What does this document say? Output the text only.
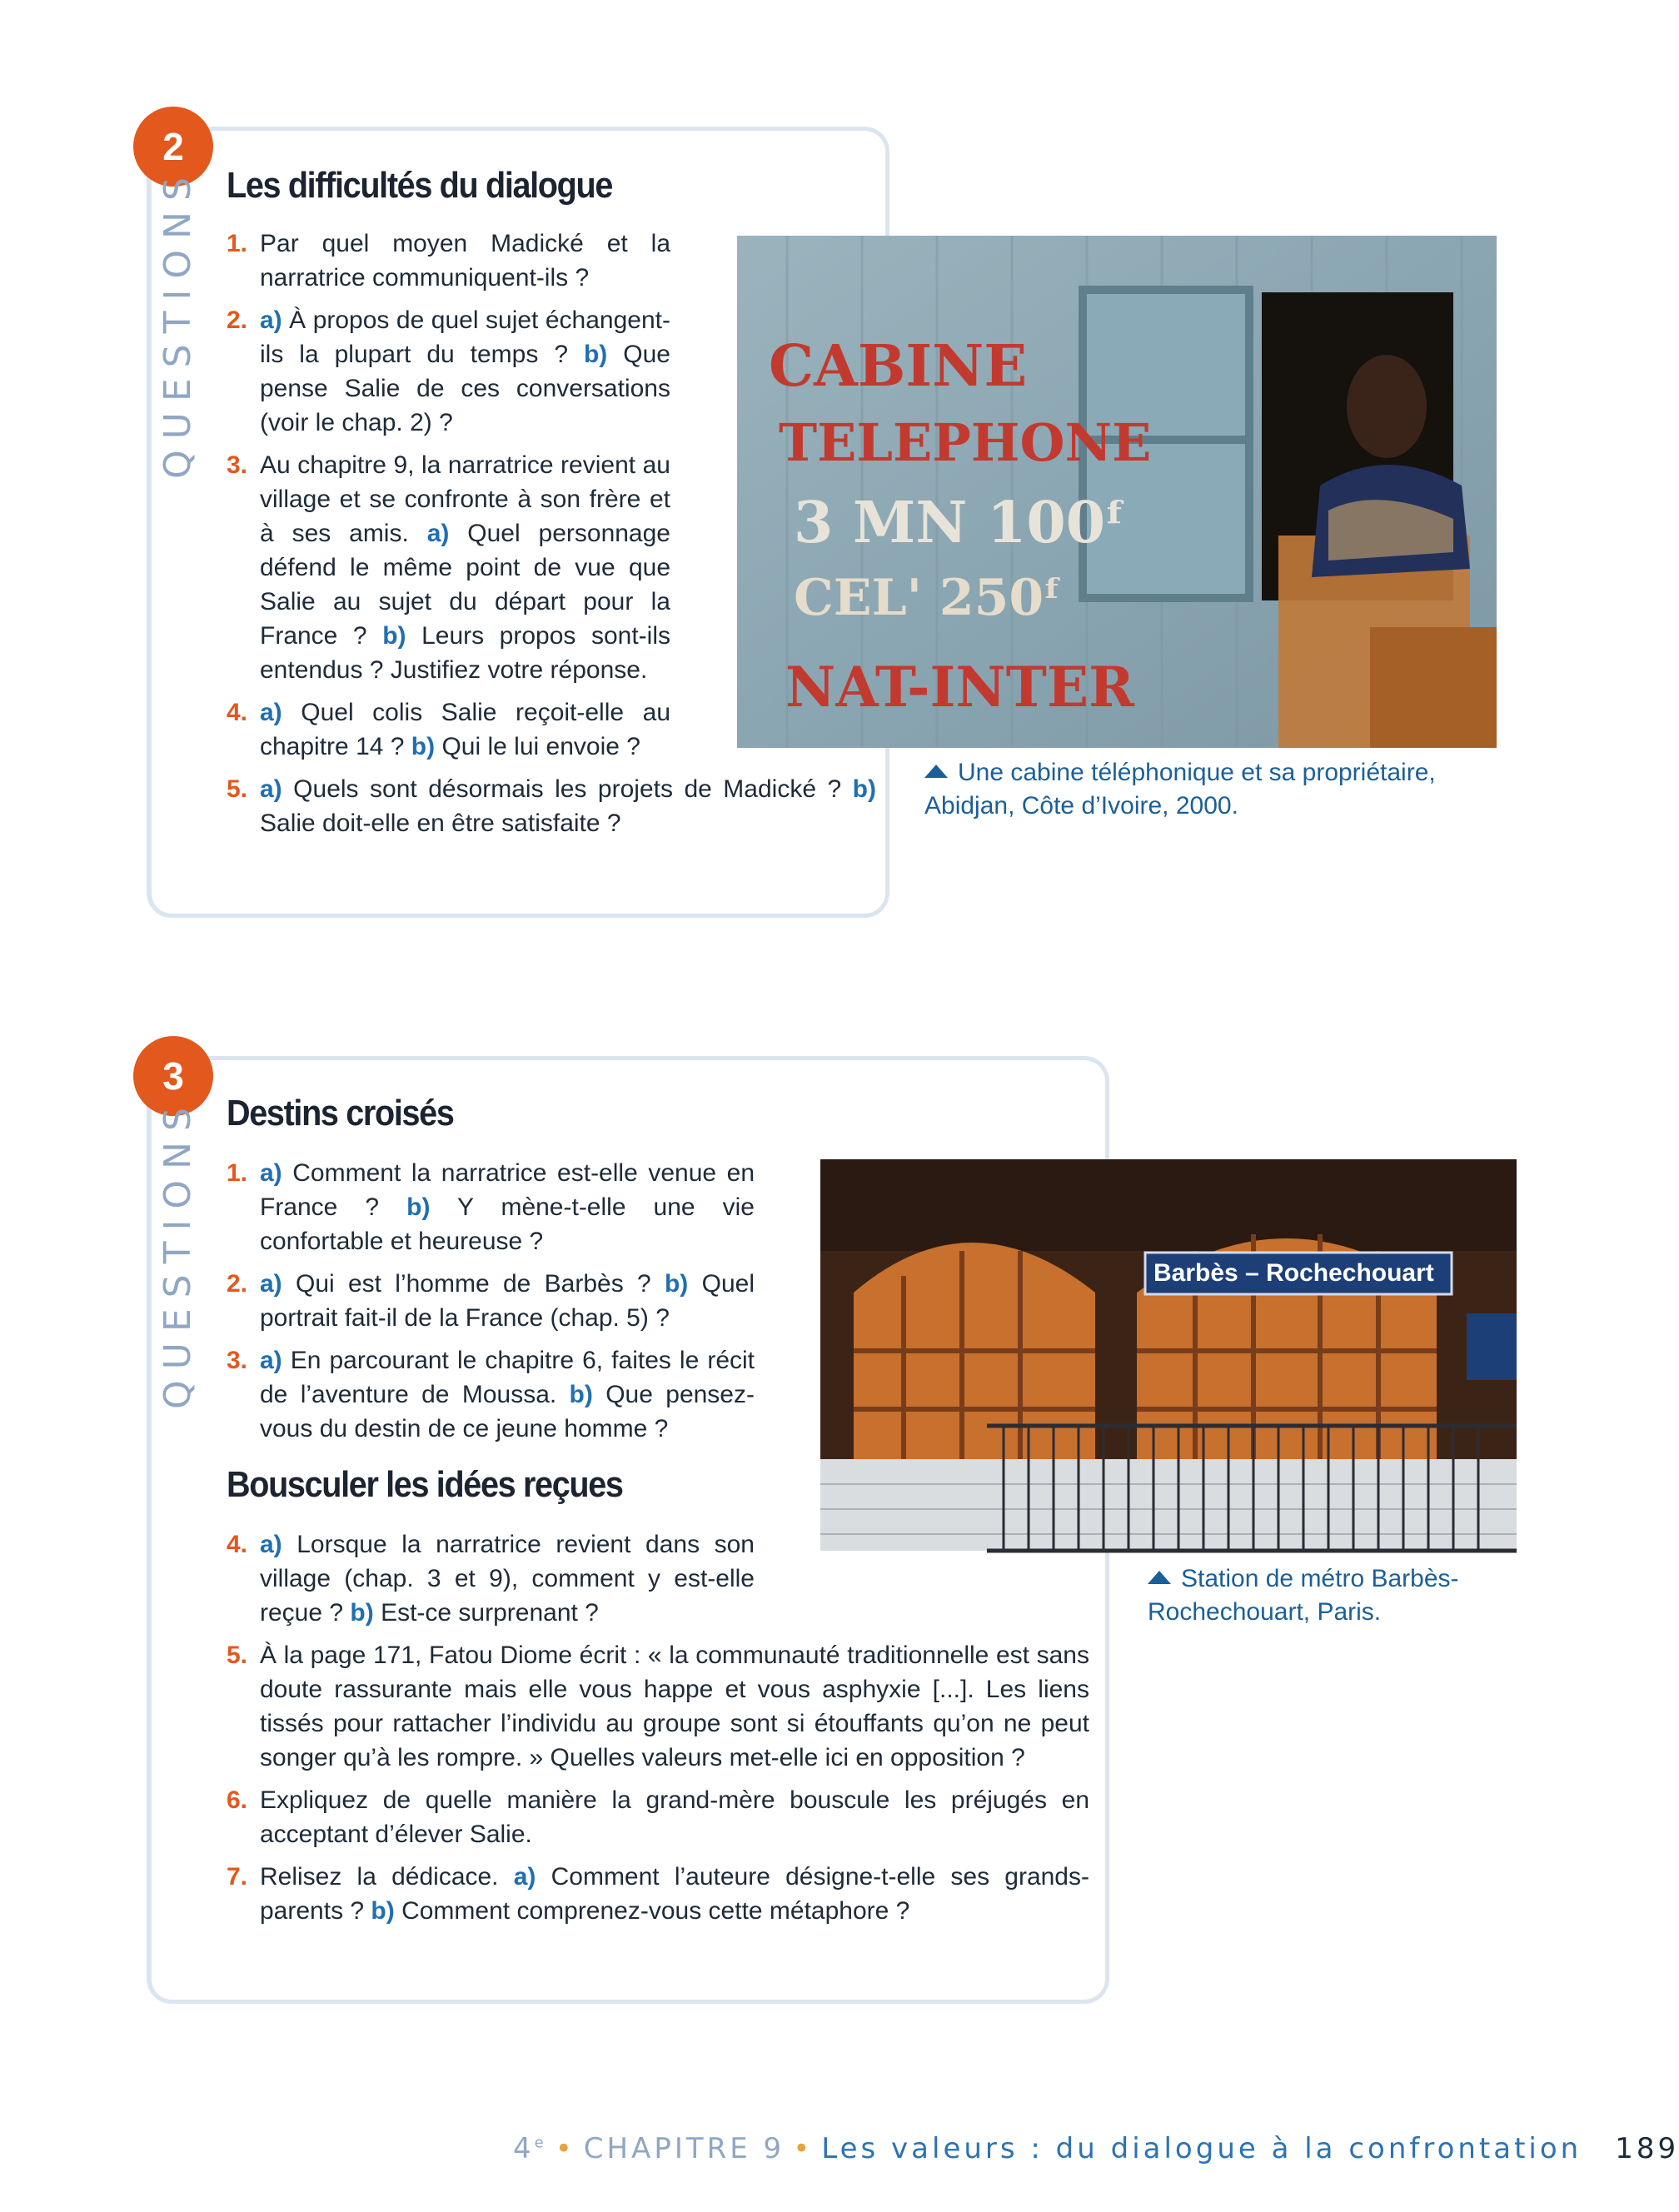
2
QUESTIONS Les difficultés du dialogue
1. Par quel moyen Madické et la narratrice communiquent-ils ?
2. a) À propos de quel sujet échangent-ils la plupart du temps ? b) Que pense Salie de ces conversations (voir le chap. 2) ?
3. Au chapitre 9, la narratrice revient au village et se confronte à son frère et à ses amis. a) Quel personnage défend le même point de vue que Salie au sujet du départ pour la France ? b) Leurs propos sont-ils entendus ? Justifiez votre réponse.
4. a) Quel colis Salie reçoit-elle au chapitre 14 ? b) Qui le lui envoie ?
5. a) Quels sont désormais les projets de Madické ? b) Salie doit-elle en être satisfaite ?
CABINE
TELEPHONE
3 MN 100ᶠ
CEL' 250ᶠ
NAT-INTER
Une cabine téléphonique et sa propriétaire, Abidjan, Côte d’Ivoire, 2000.
3
QUESTIONS Destins croisés
1. a) Comment la narratrice est-elle venue en France ? b) Y mène-t-elle une vie confortable et heureuse ?
2. a) Qui est l’homme de Barbès ? b) Quel portrait fait-il de la France (chap. 5) ?
3. a) En parcourant le chapitre 6, faites le récit de l’aventure de Moussa. b) Que pensez-vous du destin de ce jeune homme ?
Bousculer les idées reçues
4. a) Lorsque la narratrice revient dans son village (chap. 3 et 9), comment y est-elle reçue ? b) Est-ce surprenant ?
5. À la page 171, Fatou Diome écrit : « la communauté traditionnelle est sans doute rassurante mais elle vous happe et vous asphyxie [...]. Les liens tissés pour rattacher l’individu au groupe sont si étouffants qu’on ne peut songer qu’à les rompre. » Quelles valeurs met-elle ici en opposition ?
6. Expliquez de quelle manière la grand-mère bouscule les préjugés en acceptant d’élever Salie.
7. Relisez la dédicace. a) Comment l’auteure désigne-t-elle ses grands-parents ? b) Comment comprenez-vous cette métaphore ?
Barbès – Rochechouart
Station de métro Barbès-Rochechouart, Paris.
4e • CHAPITRE 9 • Les valeurs : du dialogue à la confrontation 189
